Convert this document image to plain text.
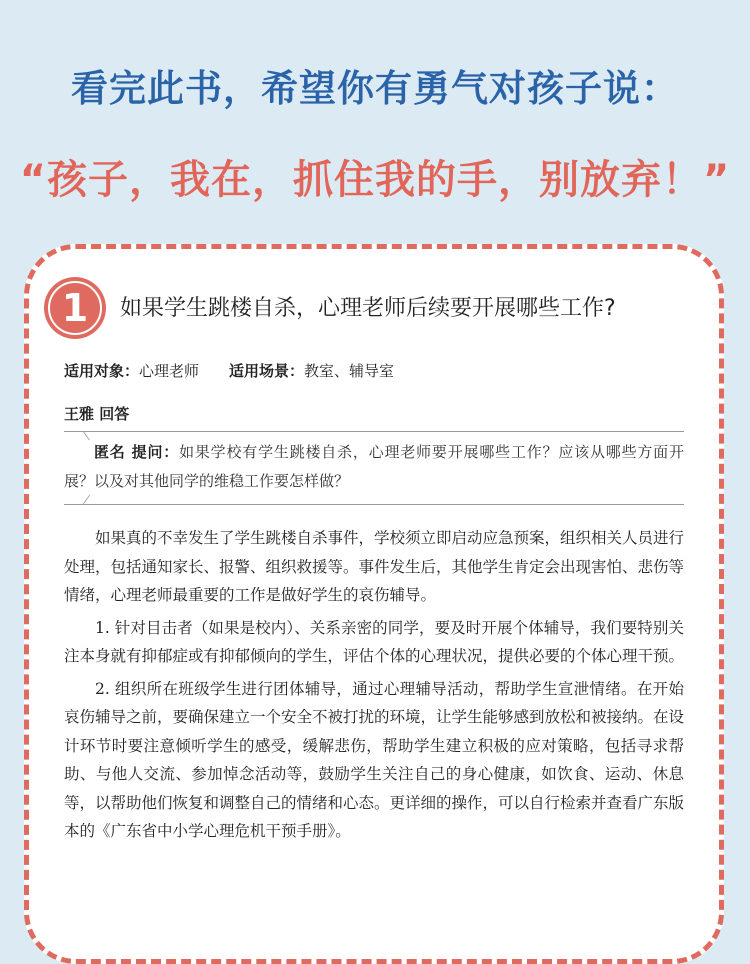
看完此书，希望你有勇气对孩子说：
“孩子，我在，抓住我的手，别放弃！”
1 如果学生跳楼自杀，心理老师后续要开展哪些工作?
适用对象：心理老师 适用场景：教室、辅导室
王雅 回答
匿名 提问：如果学校有学生跳楼自杀，心理老师要开展哪些工作？应该从哪些方面开展？以及对其他同学的维稳工作要怎样做？

如果真的不幸发生了学生跳楼自杀事件，学校须立即启动应急预案，组织相关人员进行处理，包括通知家长、报警、组织救援等。事件发生后，其他学生肯定会出现害怕、悲伤等情绪，心理老师最重要的工作是做好学生的哀伤辅导。

1. 针对目击者（如果是校内）、关系亲密的同学，要及时开展个体辅导，我们要特别关注本身就有抑郁症或有抑郁倾向的学生，评估个体的心理状况，提供必要的个体心理干预。

2. 组织所在班级学生进行团体辅导，通过心理辅导活动，帮助学生宣泄情绪。在开始哀伤辅导之前，要确保建立一个安全不被打扰的环境，让学生能够感到放松和被接纳。在设计环节时要注意倾听学生的感受，缓解悲伤，帮助学生建立积极的应对策略，包括寻求帮助、与他人交流、参加悼念活动等，鼓励学生关注自己的身心健康，如饮食、运动、休息等，以帮助他们恢复和调整自己的情绪和心态。更详细的操作，可以自行检索并查看广东版本的《广东省中小学心理危机干预手册》。
